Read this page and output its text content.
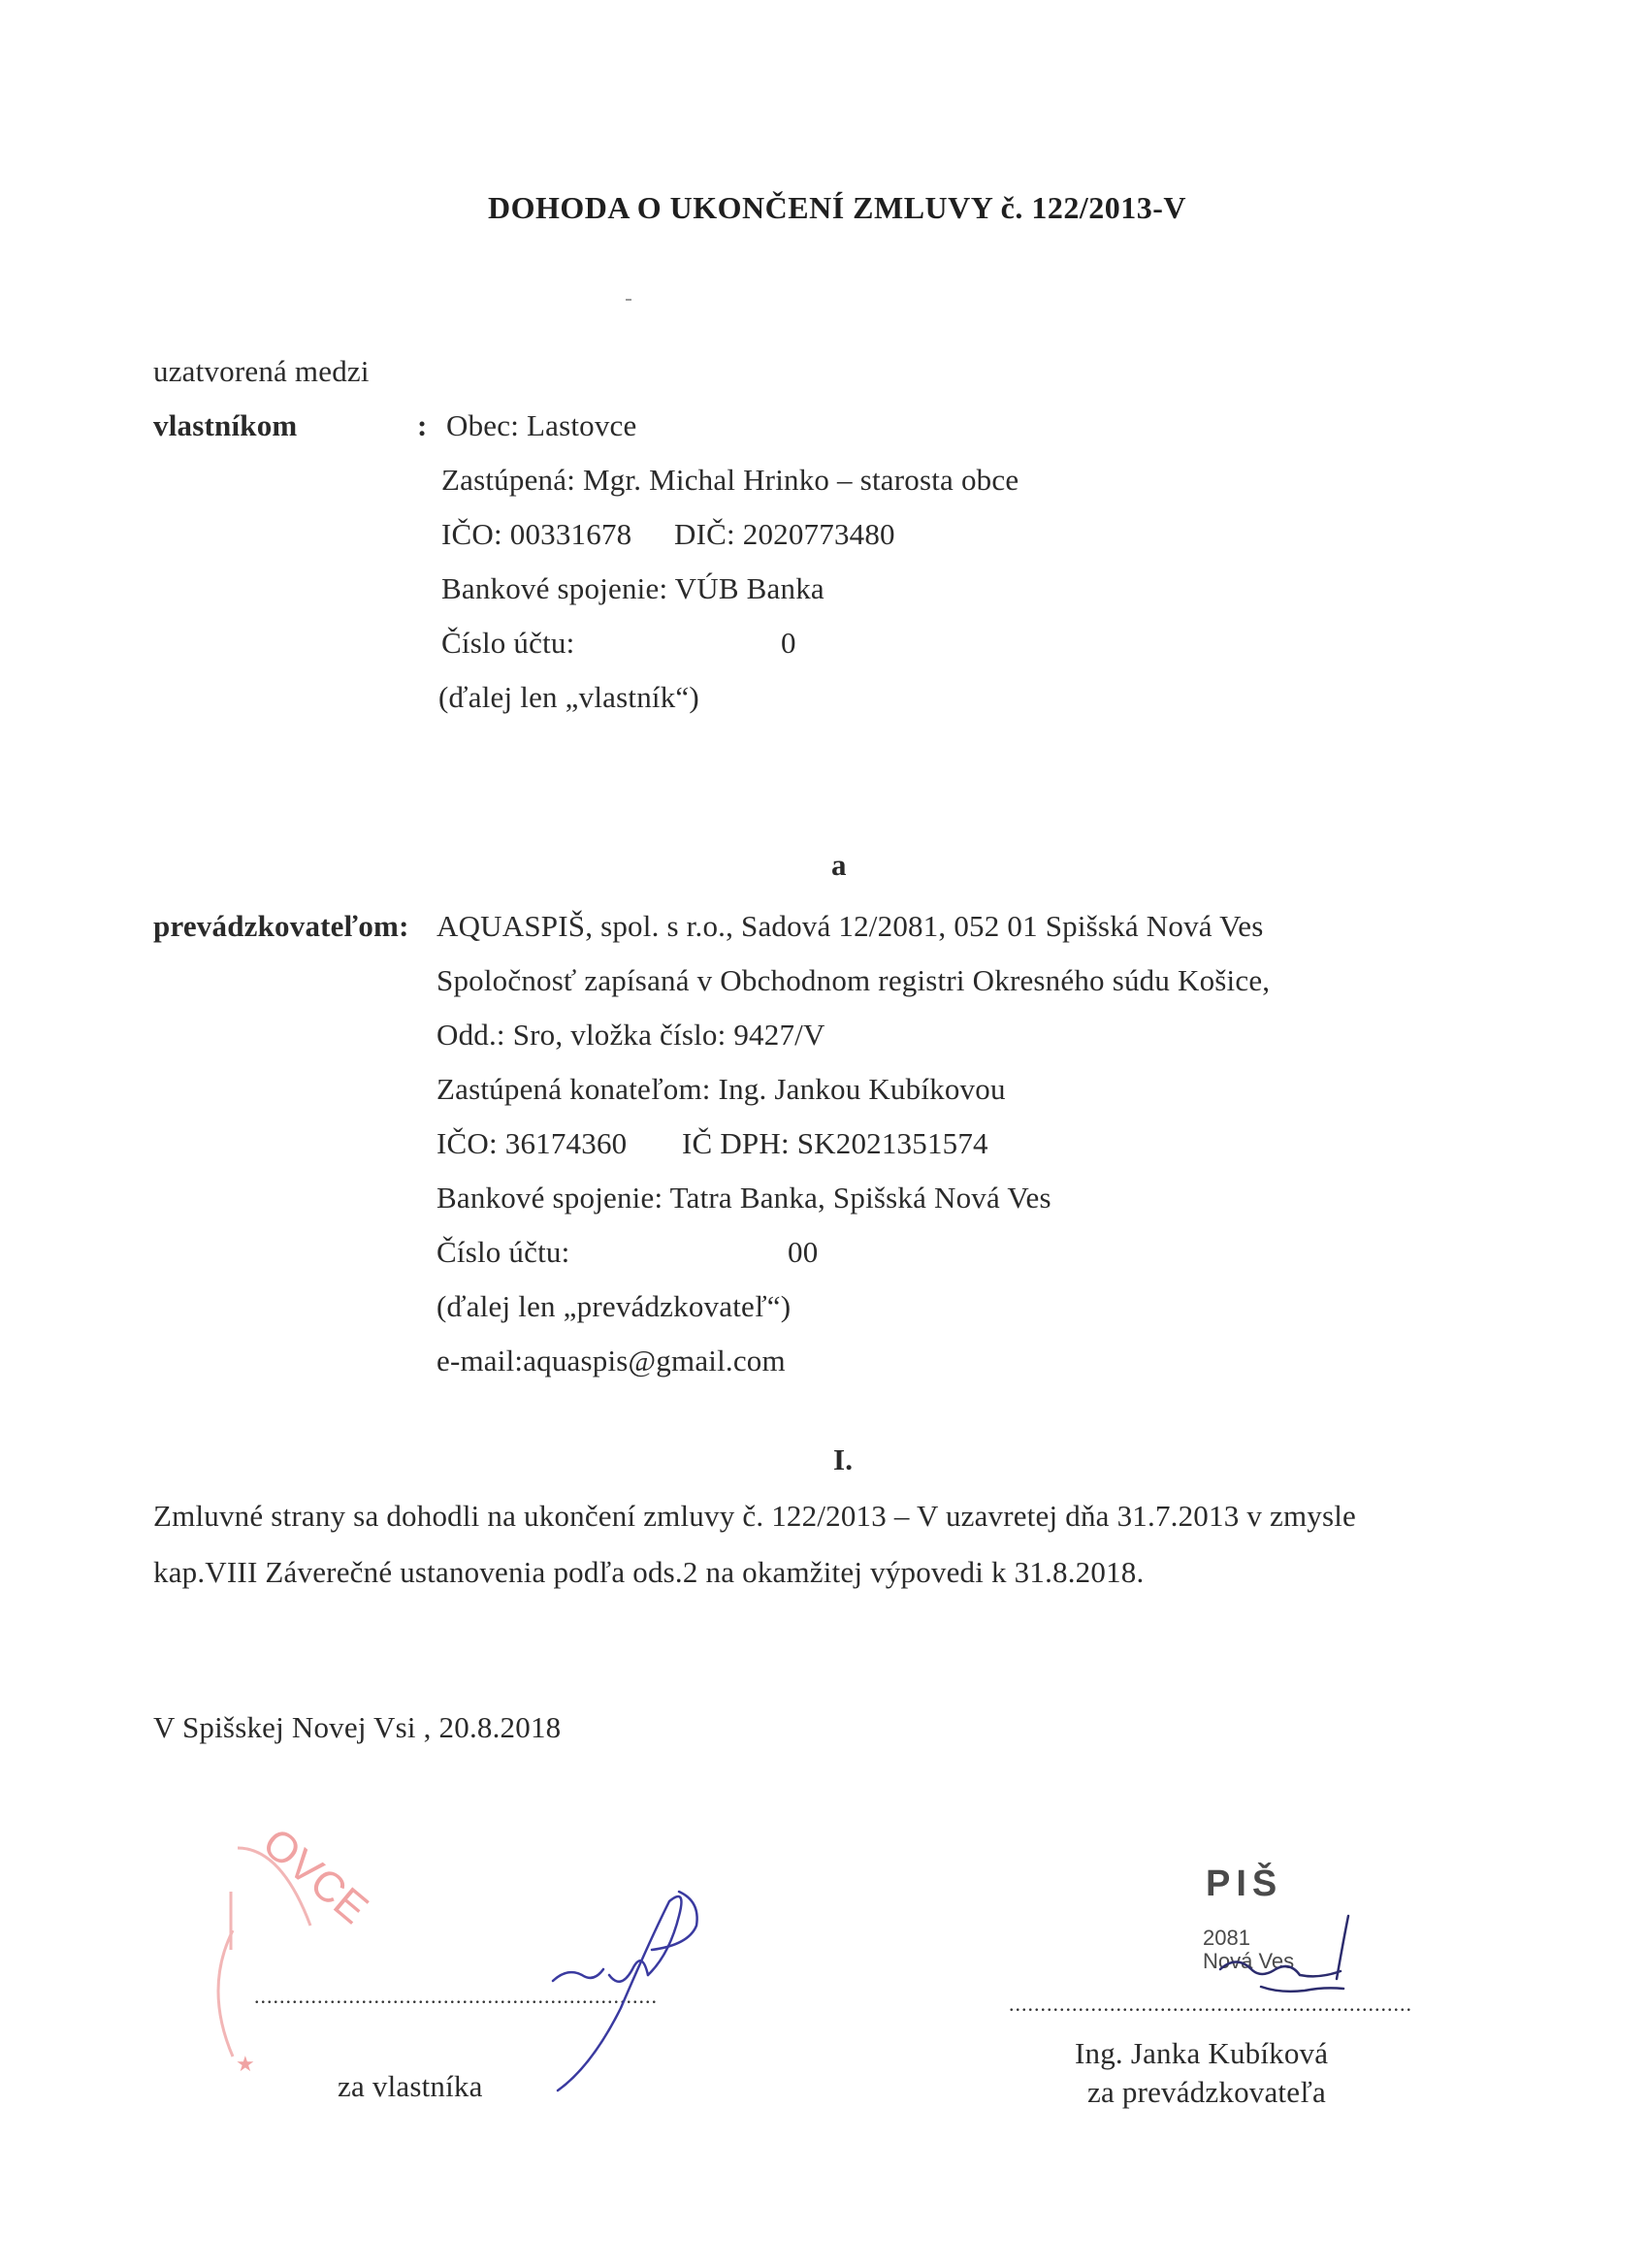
DOHODA O UKONČENÍ ZMLUVY č. 122/2013-V
uzatvorená medzi
vlastníkom	: Obec: Lastovce
Zastúpená: Mgr. Michal Hrinko – starosta obce
IČO: 00331678 DIČ: 2020773480
Bankové spojenie: VÚB Banka
Číslo účtu:	0
(ďalej len „vlastník“)
a
prevádzkovateľom: AQUASPIŠ, spol. s r.o., Sadová 12/2081, 052 01 Spišská Nová Ves
Spoločnosť zapísaná v Obchodnom registri Okresného súdu Košice,
Odd.: Sro, vložka číslo: 9427/V
Zastúpená konateľom: Ing. Jankou Kubíkovou
IČO: 36174360 IČ DPH: SK2021351574
Bankové spojenie: Tatra Banka, Spišská Nová Ves
Číslo účtu:	00
(ďalej len „prevádzkovateľ“)
e-mail:aquaspis@gmail.com
I.
Zmluvné strany sa dohodli na ukončení zmluvy č. 122/2013 – V uzavretej dňa 31.7.2013 v zmysle
kap.VIII Záverečné ustanovenia podľa ods.2 na okamžitej výpovedi k 31.8.2018.
V Spišskej Novej Vsi , 20.8.2018
................................................................	................................................................
za vlastníka
Ing. Janka Kubíková
za prevádzkovateľa
OVCE
★
PIŠ
2081
Nová Ves
